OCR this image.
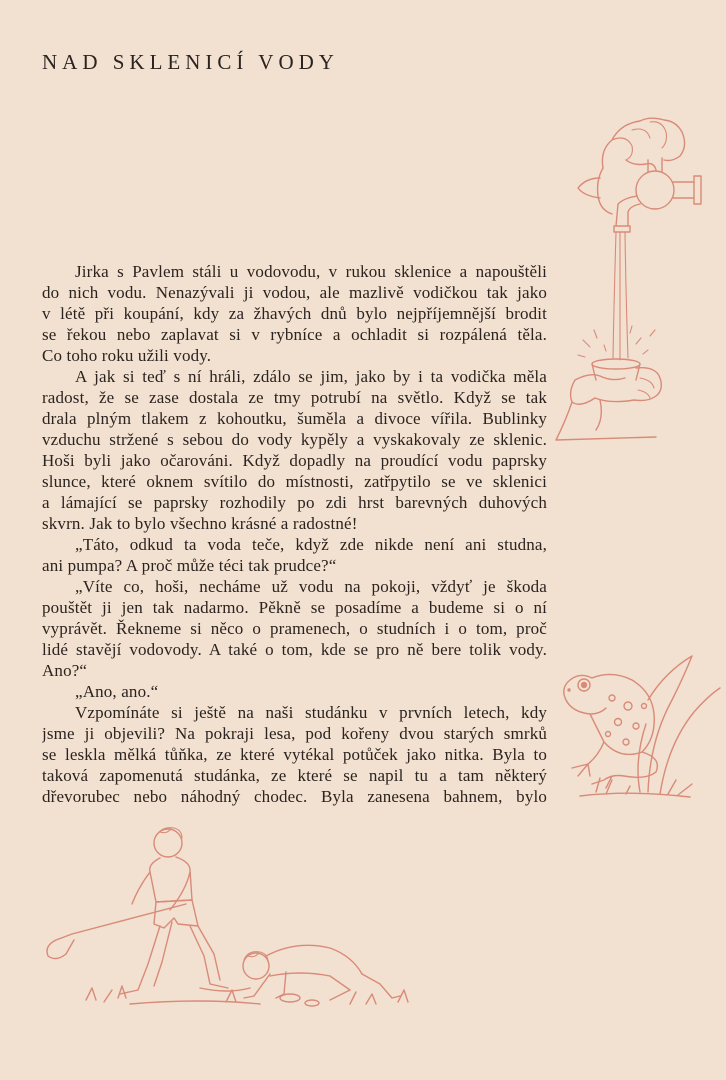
NAD SKLENICÍ VODY

Jirka s Pavlem stáli u vodovodu, v rukou sklenice a napouštěli
do nich vodu. Nenazývali ji vodou, ale mazlivě vodičkou tak jako
v létě při koupání, kdy za žhavých dnů bylo nejpříjemnější brodit
se řekou nebo zaplavat si v rybníce a ochladit si rozpálená těla.
Co toho roku užili vody.

A jak si teď s ní hráli, zdálo se jim, jako by i ta vodička měla
radost, že se zase dostala ze tmy potrubí na světlo. Když se tak
drala plným tlakem z kohoutku, šuměla a divoce vířila. Bublinky
vzduchu stržené s sebou do vody kypěly a vyskakovaly ze sklenic.
Hoši byli jako očarováni. Když dopadly na proudící vodu paprsky
slunce, které oknem svítilo do místnosti, zatřpytilo se ve sklenici
a lámající se paprsky rozhodily po zdi hrst barevných duhových
skvrn. Jak to bylo všechno krásné a radostné!

„Táto, odkud ta voda teče, když zde nikde není ani studna,
ani pumpa? A proč může téci tak prudce?“

„Víte co, hoši, necháme už vodu na pokoji, vždyť je škoda
pouštět ji jen tak nadarmo. Pěkně se posadíme a budeme si o ní
vyprávět. Řekneme si něco o pramenech, o studních i o tom, proč
lidé stavějí vodovody. A také o tom, kde se pro ně bere tolik vody.
Ano?“

„Ano, ano.“

Vzpomínáte si ještě na naši studánku v prvních letech, kdy
jsme ji objevili? Na pokraji lesa, pod kořeny dvou starých smrků
se leskla mělká tůňka, ze které vytékal potůček jako nitka. Byla to
taková zapomenutá studánka, ze které se napil tu a tam některý
dřevorubec nebo náhodný chodec. Byla zanesena bahnem, bylo
